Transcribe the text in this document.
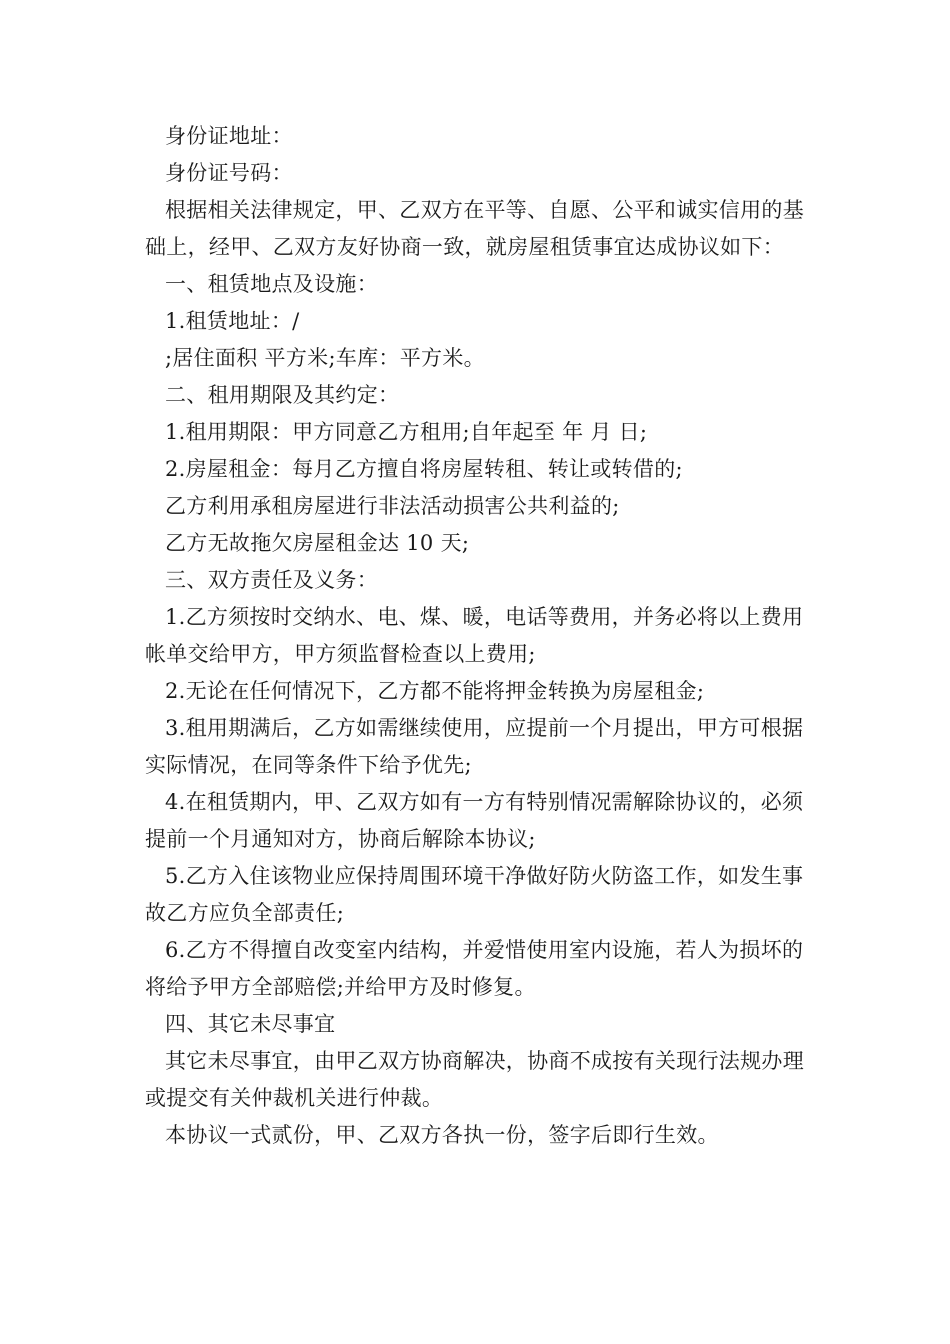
身份证地址：

身份证号码：

根据相关法律规定，甲、乙双方在平等、自愿、公平和诚实信用的基础上，经甲、乙双方友好协商一致，就房屋租赁事宜达成协议如下：

一、租赁地点及设施：

1.租赁地址：/

;居住面积 平方米;车库：平方米。

二、租用期限及其约定：

1.租用期限：甲方同意乙方租用;自年起至 年 月 日;

2.房屋租金：每月乙方擅自将房屋转租、转让或转借的;

乙方利用承租房屋进行非法活动损害公共利益的;

乙方无故拖欠房屋租金达 10 天;

三、双方责任及义务：

1.乙方须按时交纳水、电、煤、暖，电话等费用，并务必将以上费用帐单交给甲方，甲方须监督检查以上费用;

2.无论在任何情况下，乙方都不能将押金转换为房屋租金;

3.租用期满后，乙方如需继续使用，应提前一个月提出，甲方可根据实际情况，在同等条件下给予优先;

4.在租赁期内，甲、乙双方如有一方有特别情况需解除协议的，必须提前一个月通知对方，协商后解除本协议;

5.乙方入住该物业应保持周围环境干净做好防火防盗工作，如发生事故乙方应负全部责任;

6.乙方不得擅自改变室内结构，并爱惜使用室内设施，若人为损坏的将给予甲方全部赔偿;并给甲方及时修复。

四、其它未尽事宜

其它未尽事宜，由甲乙双方协商解决，协商不成按有关现行法规办理或提交有关仲裁机关进行仲裁。

本协议一式贰份，甲、乙双方各执一份，签字后即行生效。
